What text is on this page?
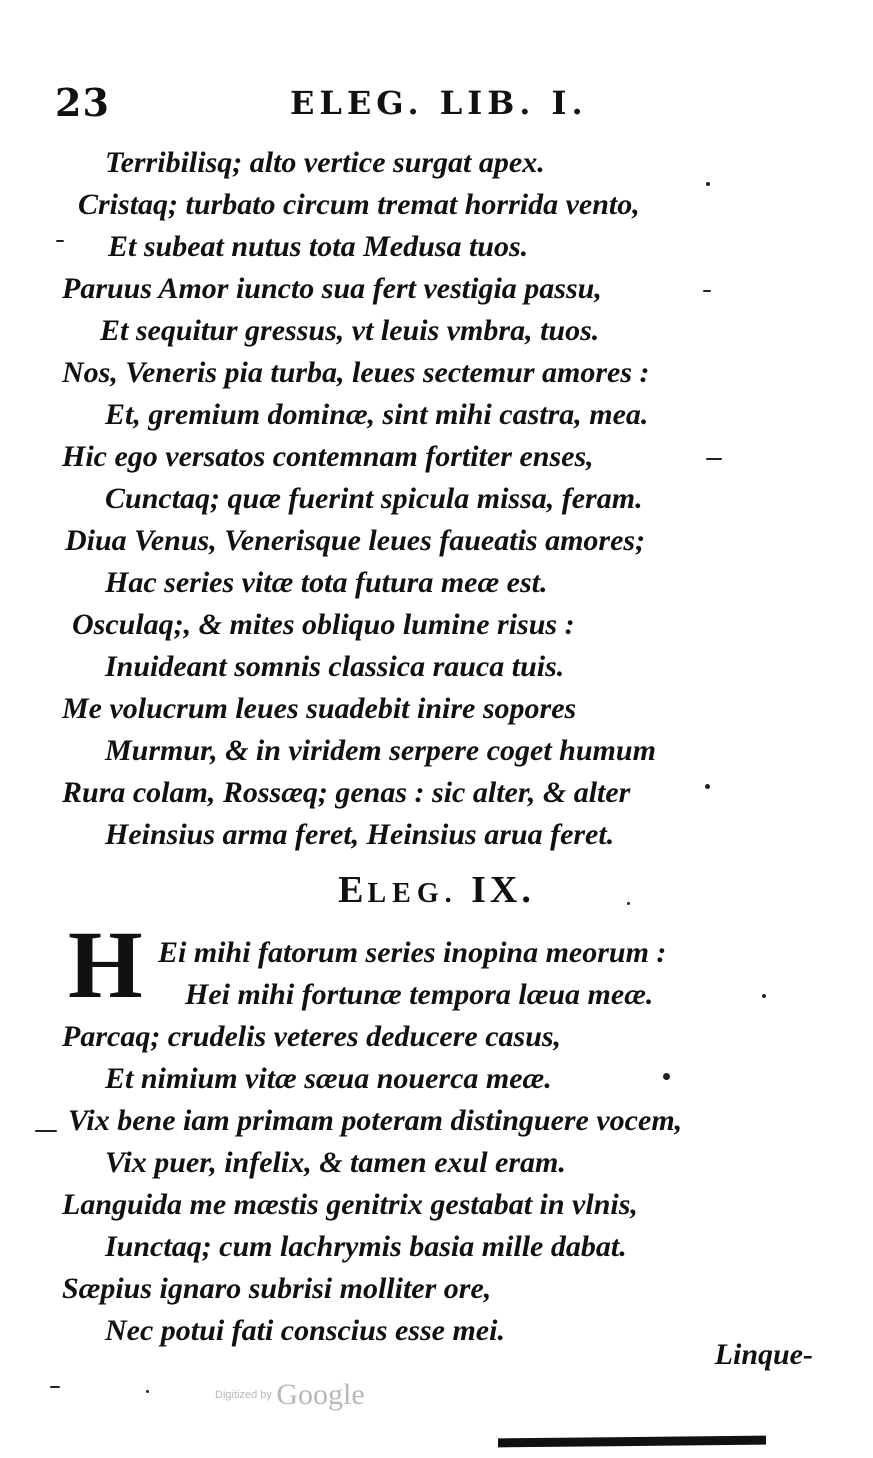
23	ELEG. LIB. I.
Terribilisq; alto vertice surgat apex.
Cristaq; turbato circum tremat horrida vento,
Et subeat nutus tota Medusa tuos.
Paruus Amor iuncto sua fert vestigia passu,
Et sequitur gressus, vt leuis vmbra, tuos.
Nos, Veneris pia turba, leues sectemur amores :
Et, gremium dominæ, sint mihi castra, mea.
Hic ego versatos contemnam fortiter enses,
Cunctaq; quæ fuerint spicula missa, feram.
Diua Venus, Venerisque leues faueatis amores;
Hac series vitæ tota futura meæ est.
Osculaq;, & mites obliquo lumine risus :
Inuideant somnis classica rauca tuis.
Me volucrum leues suadebit inire sopores
Murmur, & in viridem serpere coget humum
Rura colam, Rossæq; genas : sic alter, & alter
Heinsius arma feret, Heinsius arua feret.
ELEG. IX.
H Ei mihi fatorum series inopina meorum :
Hei mihi fortunæ tempora læua meæ.
Parcaq; crudelis veteres deducere casus,
Et nimium vitæ sæua nouerca meæ.
Vix bene iam primam poteram distinguere vocem,
Vix puer, infelix, & tamen exul eram.
Languida me mæstis genitrix gestabat in vlnis,
Iunctaq; cum lachrymis basia mille dabat.
Sæpius ignaro subrisi molliter ore,
Nec potui fati conscius esse mei.
Linque-
Digitized by Google
